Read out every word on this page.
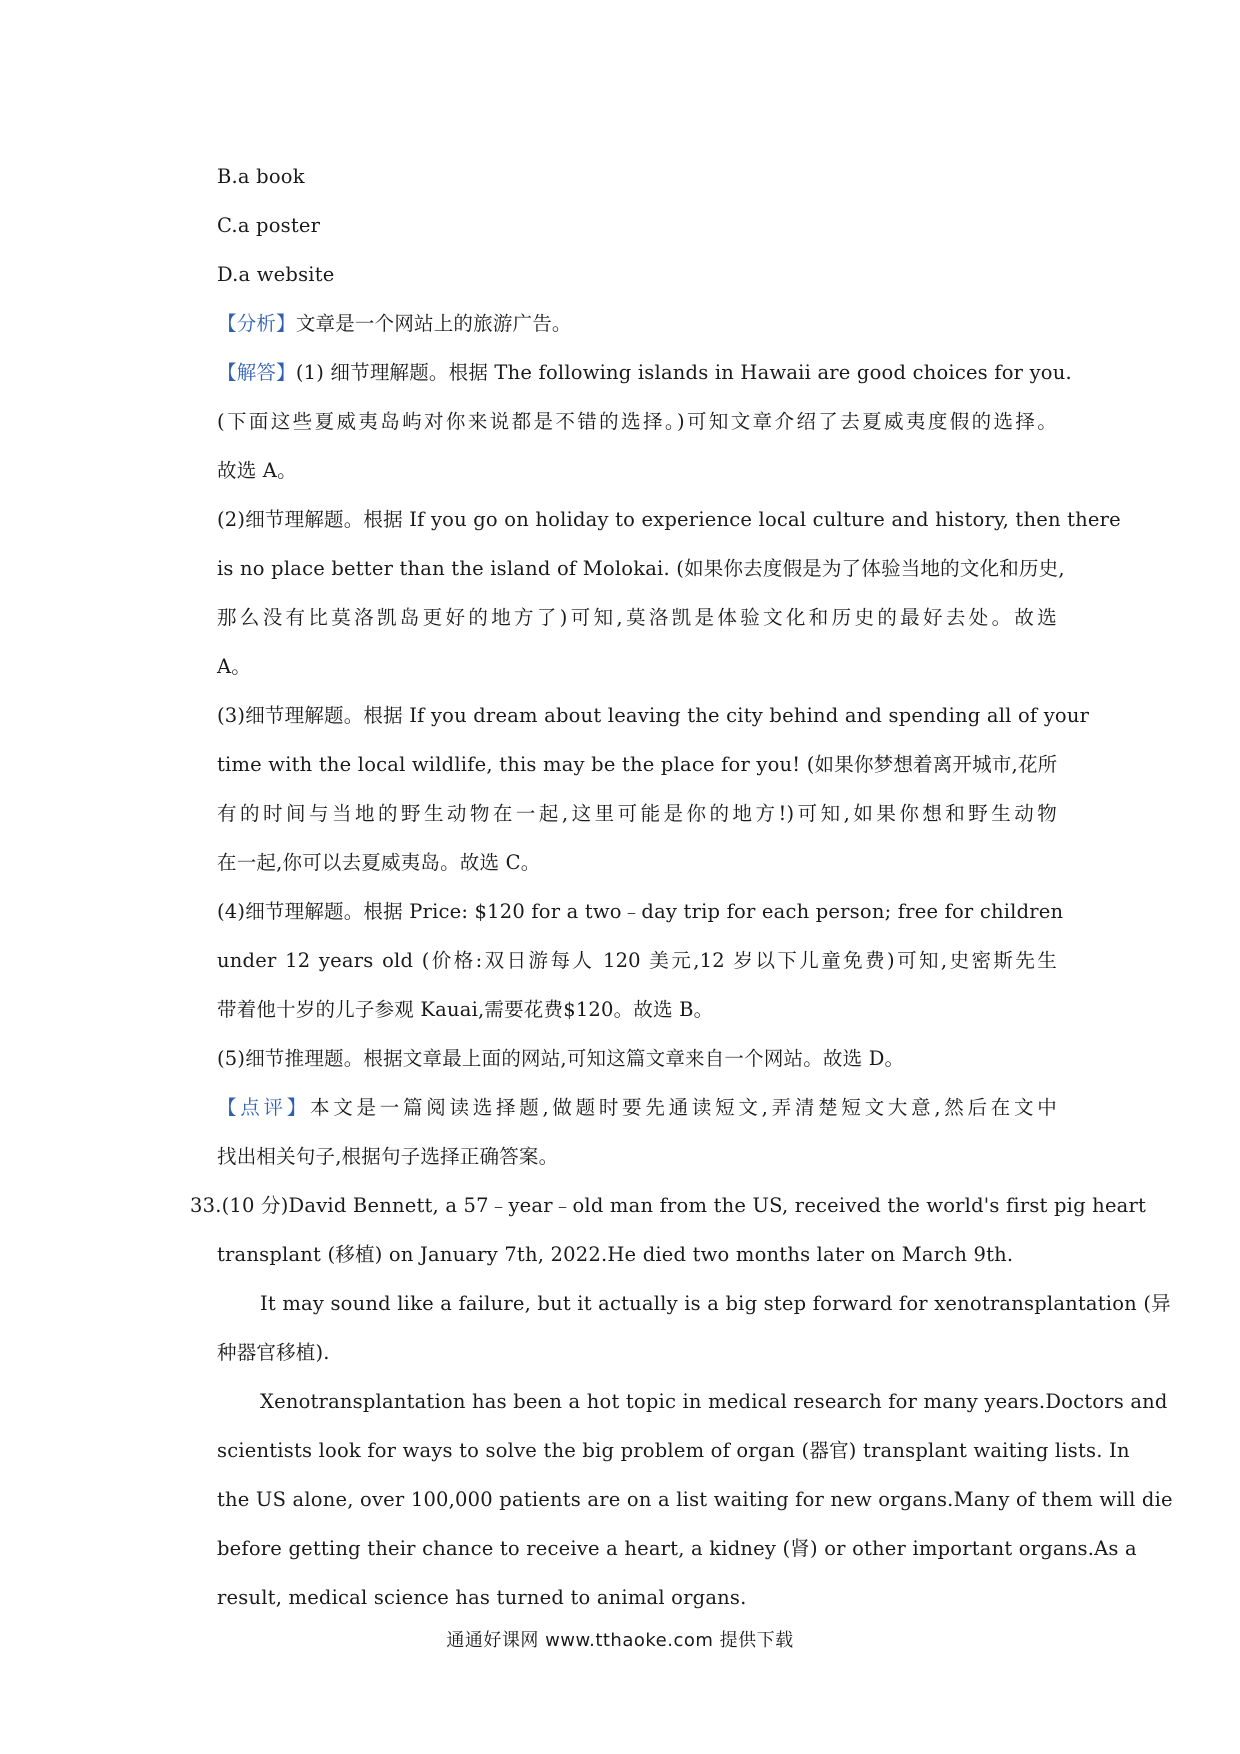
B.a book
C.a poster
D.a website
【分析】文章是一个网站上的旅游广告。
【解答】(1) 细节理解题。根据 The following islands in Hawaii are good choices for you.
(下面这些夏威夷岛屿对你来说都是不错的选择。)可知文章介绍了去夏威夷度假的选择。
故选 A。
(2)细节理解题。根据 If you go on holiday to experience local culture and history, then there
is no place better than the island of Molokai. (如果你去度假是为了体验当地的文化和历史,
那么没有比莫洛凯岛更好的地方了)可知,莫洛凯是体验文化和历史的最好去处。故选
A。
(3)细节理解题。根据 If you dream about leaving the city behind and spending all of your
time with the local wildlife, this may be the place for you! (如果你梦想着离开城市,花所
有的时间与当地的野生动物在一起,这里可能是你的地方!)可知,如果你想和野生动物
在一起,你可以去夏威夷岛。故选 C。
(4)细节理解题。根据 Price: $120 for a two﹣day trip for each person; free for children
under 12 years old (价格:双日游每人 120 美元,12 岁以下儿童免费)可知,史密斯先生
带着他十岁的儿子参观 Kauai,需要花费$120。故选 B。
(5)细节推理题。根据文章最上面的网站,可知这篇文章来自一个网站。故选 D。
【点评】本文是一篇阅读选择题,做题时要先通读短文,弄清楚短文大意,然后在文中
找出相关句子,根据句子选择正确答案。
33.(10 分)David Bennett, a 57﹣year﹣old man from the US, received the world's first pig heart
transplant (移植) on January 7th, 2022.He died two months later on March 9th.
It may sound like a failure, but it actually is a big step forward for xenotransplantation (异
种器官移植).
Xenotransplantation has been a hot topic in medical research for many years.Doctors and
scientists look for ways to solve the big problem of organ (器官) transplant waiting lists. In
the US alone, over 100,000 patients are on a list waiting for new organs.Many of them will die
before getting their chance to receive a heart, a kidney (肾) or other important organs.As a
result, medical science has turned to animal organs.
通通好课网 www.tthaoke.com 提供下载
